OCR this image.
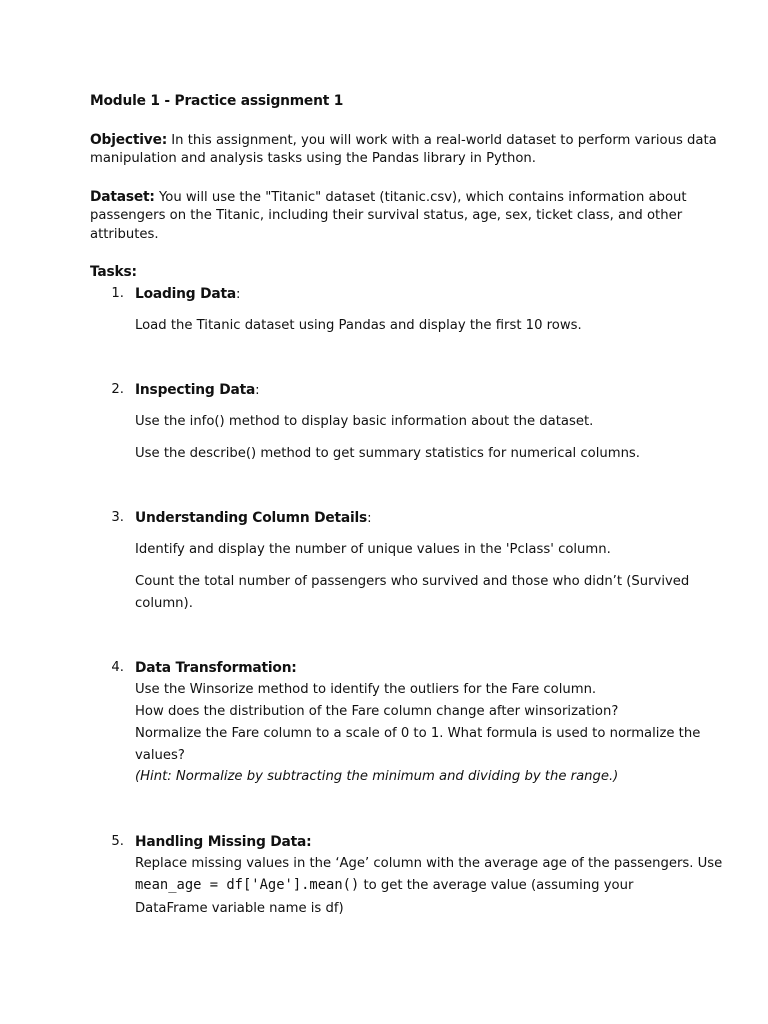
Module 1 - Practice assignment 1
Objective: In this assignment, you will work with a real-world dataset to perform various data
manipulation and analysis tasks using the Pandas library in Python.
Dataset: You will use the "Titanic" dataset (titanic.csv), which contains information about
passengers on the Titanic, including their survival status, age, sex, ticket class, and other
attributes.
Tasks:
1. Loading Data:
Load the Titanic dataset using Pandas and display the first 10 rows.
2. Inspecting Data:
Use the info() method to display basic information about the dataset.
Use the describe() method to get summary statistics for numerical columns.
3. Understanding Column Details:
Identify and display the number of unique values in the 'Pclass' column.
Count the total number of passengers who survived and those who didn’t (Survived
column).
4. Data Transformation:
Use the Winsorize method to identify the outliers for the Fare column.
How does the distribution of the Fare column change after winsorization?
Normalize the Fare column to a scale of 0 to 1. What formula is used to normalize the
values?
(Hint: Normalize by subtracting the minimum and dividing by the range.)
5. Handling Missing Data:
Replace missing values in the ‘Age’ column with the average age of the passengers. Use
mean_age = df['Age'].mean() to get the average value (assuming your
DataFrame variable name is df)
